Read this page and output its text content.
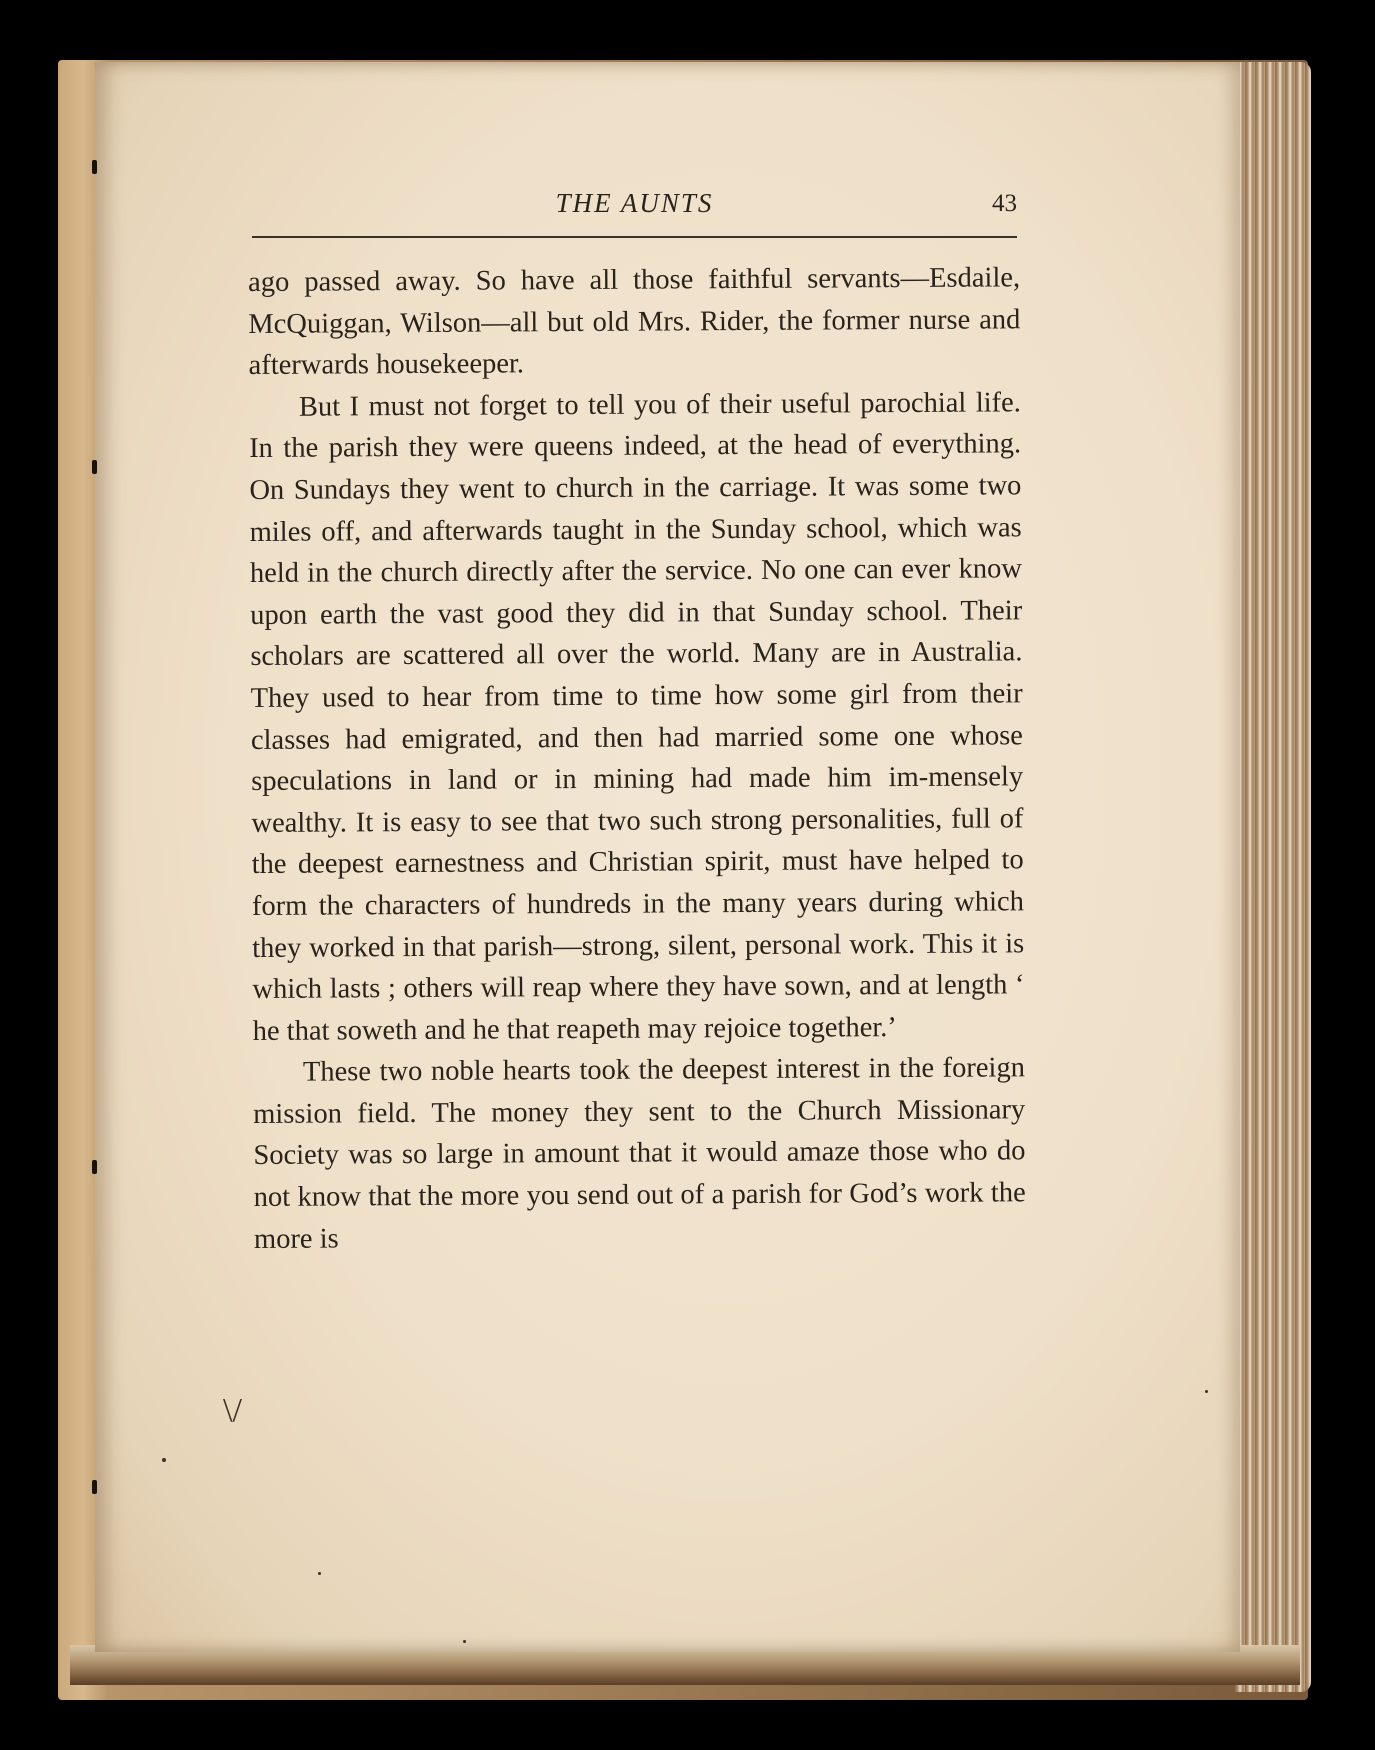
THE AUNTS	43

ago passed away. So have all those faithful servants—Esdaile, McQuiggan, Wilson—all but old Mrs. Rider, the former nurse and afterwards housekeeper.

But I must not forget to tell you of their useful parochial life. In the parish they were queens indeed, at the head of everything. On Sundays they went to church in the carriage. It was some two miles off, and afterwards taught in the Sunday school, which was held in the church directly after the service. No one can ever know upon earth the vast good they did in that Sunday school. Their scholars are scattered all over the world. Many are in Australia. They used to hear from time to time how some girl from their classes had emigrated, and then had married some one whose speculations in land or in mining had made him im-mensely wealthy. It is easy to see that two such strong personalities, full of the deepest earnestness and Christian spirit, must have helped to form the characters of hundreds in the many years during which they worked in that parish—strong, silent, personal work. This it is which lasts ; others will reap where they have sown, and at length ‘ he that soweth and he that reapeth may rejoice together.’

These two noble hearts took the deepest interest in the foreign mission field. The money they sent to the Church Missionary Society was so large in amount that it would amaze those who do not know that the more you send out of a parish for God’s work the more is

\/
